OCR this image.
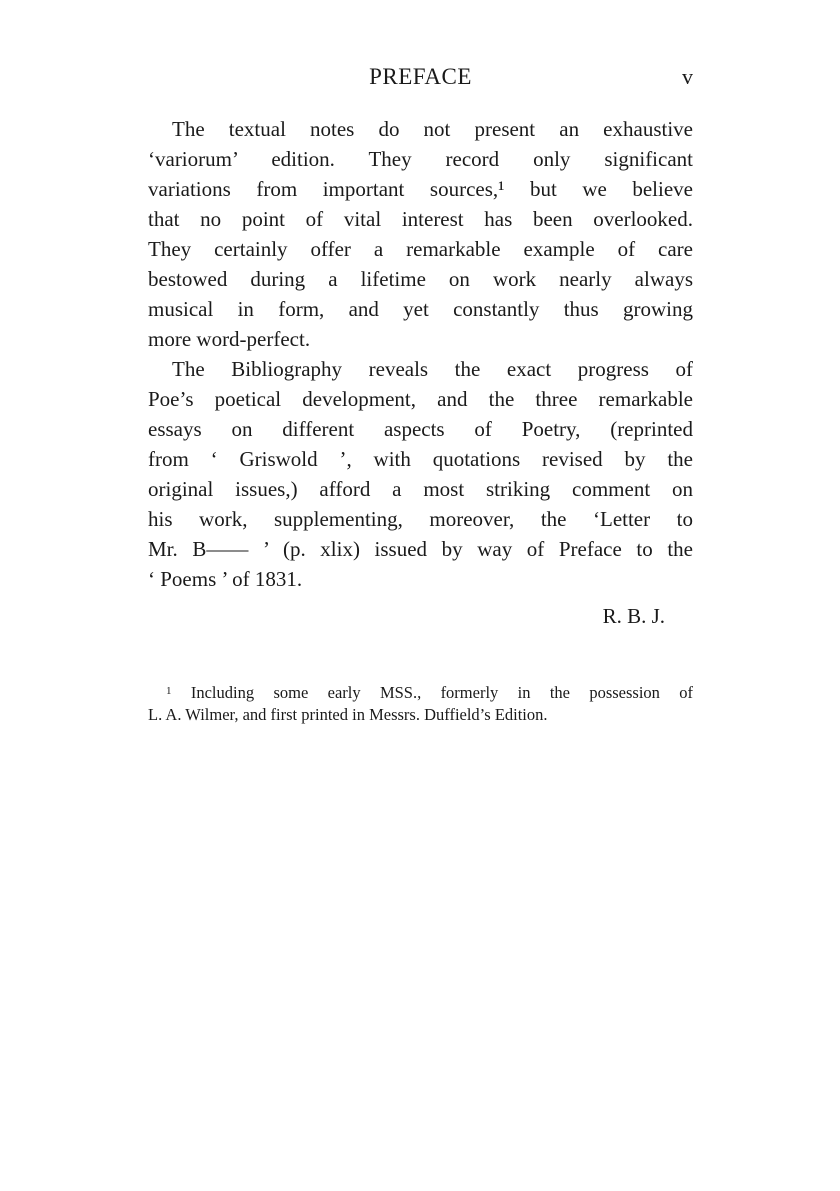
PREFACE	v
The textual notes do not present an exhaustive
‘variorum’ edition. They record only significant
variations from important sources,¹ but we believe
that no point of vital interest has been overlooked.
They certainly offer a remarkable example of care
bestowed during a lifetime on work nearly always
musical in form, and yet constantly thus growing
more word-perfect.
The Bibliography reveals the exact progress of
Poe’s poetical development, and the three remarkable
essays on different aspects of Poetry, (reprinted
from ‘ Griswold ’, with quotations revised by the
original issues,) afford a most striking comment on
his work, supplementing, moreover, the ‘Letter to
Mr. B—— ’ (p. xlix) issued by way of Preface to the
‘ Poems ’ of 1831.
R. B. J.
$^1$ Including some early MSS., formerly in the possession of
L. A. Wilmer, and first printed in Messrs. Duffield’s Edition.
